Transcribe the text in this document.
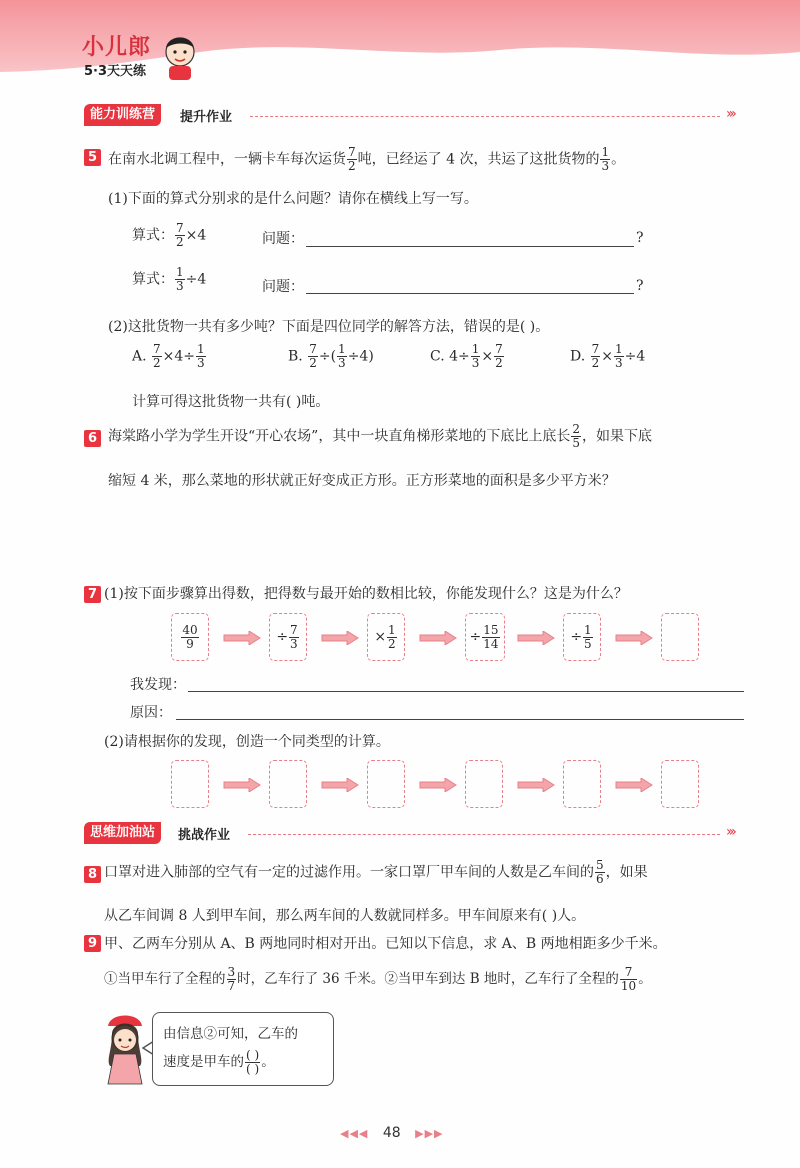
小儿郎
5·3天天练
能力训练营	提升作业	›››
5 在南水北调工程中，一辆卡车每次运货 $\frac{7}{2}$ 吨，已经运了 4 次，共运了这批货物的 $\frac{1}{3}$ 。
(1)下面的算式分别求的是什么问题？请你在横线上写一写。
算式： $\frac{7}{2} \times 4$	问题：	?
算式： $\frac{1}{3} \div 4$	问题：	?
(2)这批货物一共有多少吨？下面是四位同学的解答方法，错误的是( )。
A. $\frac{7}{2} \times 4\div \frac{1}{3}$	B. $\frac{7}{2}$ ÷( $\frac{1}{3} \div 4$)	C. $4\div \frac{1}{3} \times \frac{7}{2}$	D. $\frac{7}{2} \times \frac{1}{3} \div 4$
计算可得这批货物一共有( )吨。
6 海棠路小学为学生开设“开心农场”，其中一块直角梯形菜地的下底比上底长 $\frac{2}{5}$ ，如果下底
缩短 4 米，那么菜地的形状就正好变成正方形。正方形菜地的面积是多少平方米？
7 (1)按下面步骤算出得数，把得数与最开始的数相比较，你能发现什么？这是为什么？
$\frac{40}{9}$	÷ $\frac{7}{3}$	× $\frac{1}{2}$	÷ $\frac{15}{14}$	÷ $\frac{1}{5}$
我发现：
原因：
(2)请根据你的发现，创造一个同类型的计算。
思维加油站	挑战作业	›››
8 口罩对进入肺部的空气有一定的过滤作用。一家口罩厂甲车间的人数是乙车间的 $\frac{5}{6}$ ，如果
从乙车间调 8 人到甲车间，那么两车间的人数就同样多。甲车间原来有( )人。
9 甲、乙两车分别从 A、B 两地同时相对开出。已知以下信息，求 A、B 两地相距多少千米。
①当甲车行了全程的 $\frac{3}{7}$ 时，乙车行了 36 千米。②当甲车到达 B 地时，乙车行了全程的 $\frac{7}{10}$ 。
由信息②可知，乙车的
速度是甲车的 $\frac{( )}{( )}$ 。
◀◀◀ 48 ▶▶▶
